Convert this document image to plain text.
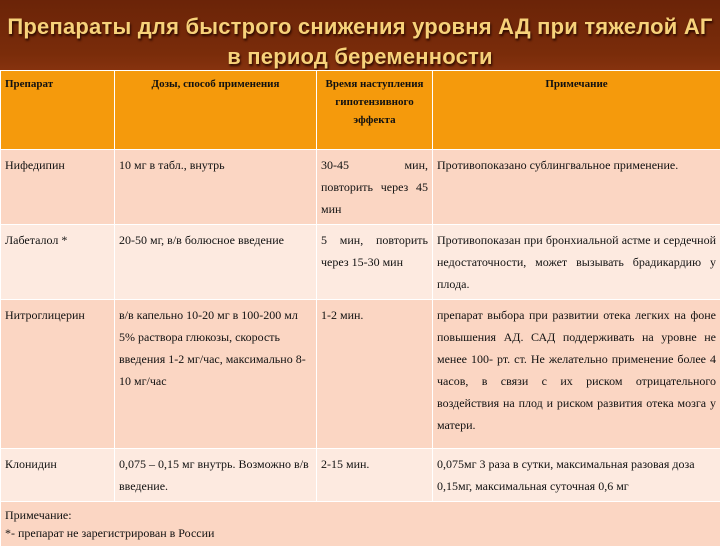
Препараты для быстрого снижения уровня АД при тяжелой АГ
в период беременности
Препарат	Дозы, способ применения	Время наступления гипотензивного эффекта	Примечание
Нифедипин	10 мг в табл., внутрь	30-45 мин, повторить через 45 мин	Противопоказано сублингвальное применение.
Лабеталол *	20-50 мг, в/в болюсное введение	5 мин, повторить через 15-30 мин	Противопоказан при бронхиальной астме и сердечной недостаточности, может вызывать брадикардию у плода.
Нитроглицерин	в/в капельно 10-20 мг в 100-200 мл 5% раствора глюкозы, скорость введения 1-2 мг/час, максимально 8-10 мг/час	1-2 мин.	препарат выбора при развитии отека легких на фоне повышения АД. САД поддерживать на уровне не менее 100- рт. ст. Не желательно применение более 4 часов, в связи с их риском отрицательного воздействия на плод и риском развития отека мозга у матери.
Клонидин	0,075 – 0,15 мг внутрь. Возможно в/в введение.	2-15 мин.	0,075мг 3 раза в сутки, максимальная разовая доза 0,15мг, максимальная суточная 0,6 мг

Примечание:
*- препарат не зарегистрирован в России			
